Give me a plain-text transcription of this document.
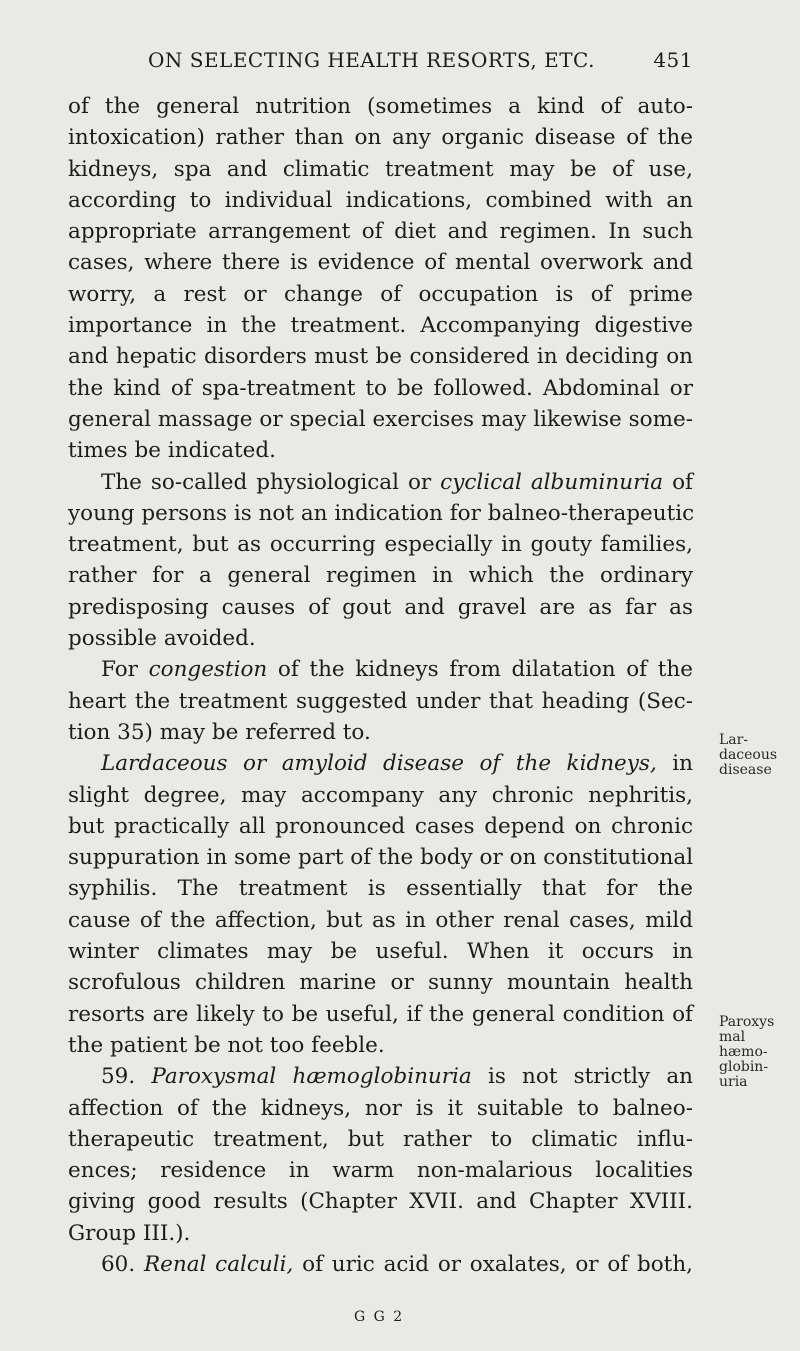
ON SELECTING HEALTH RESORTS, ETC.	451
of the general nutrition (sometimes a kind of auto-
intoxication) rather than on any organic disease of the
kidneys, spa and climatic treatment may be of use,
according to individual indications, combined with an
appropriate arrangement of diet and regimen. In such
cases, where there is evidence of mental overwork and
worry, a rest or change of occupation is of prime
importance in the treatment. Accompanying digestive
and hepatic disorders must be considered in deciding on
the kind of spa-treatment to be followed. Abdominal or
general massage or special exercises may likewise some-
times be indicated.
The so-called physiological or cyclical albuminuria of
young persons is not an indication for balneo-therapeutic
treatment, but as occurring especially in gouty families,
rather for a general regimen in which the ordinary
predisposing causes of gout and gravel are as far as
possible avoided.
For congestion of the kidneys from dilatation of the
heart the treatment suggested under that heading (Sec-
tion 35) may be referred to.
Lardaceous or amyloid disease of the kidneys, in
slight degree, may accompany any chronic nephritis,
but practically all pronounced cases depend on chronic
suppuration in some part of the body or on constitutional
syphilis. The treatment is essentially that for the
cause of the affection, but as in other renal cases, mild
winter climates may be useful. When it occurs in
scrofulous children marine or sunny mountain health
resorts are likely to be useful, if the general condition of
the patient be not too feeble.
59. Paroxysmal hæmoglobinuria is not strictly an
affection of the kidneys, nor is it suitable to balneo-
therapeutic treatment, but rather to climatic influ-
ences; residence in warm non-malarious localities
giving good results (Chapter XVII. and Chapter XVIII.
Group III.).
60. Renal calculi, of uric acid or oxalates, or of both,
Lar-
daceous
disease
Paroxys
mal
hæmo-
globin-
uria
G G 2
